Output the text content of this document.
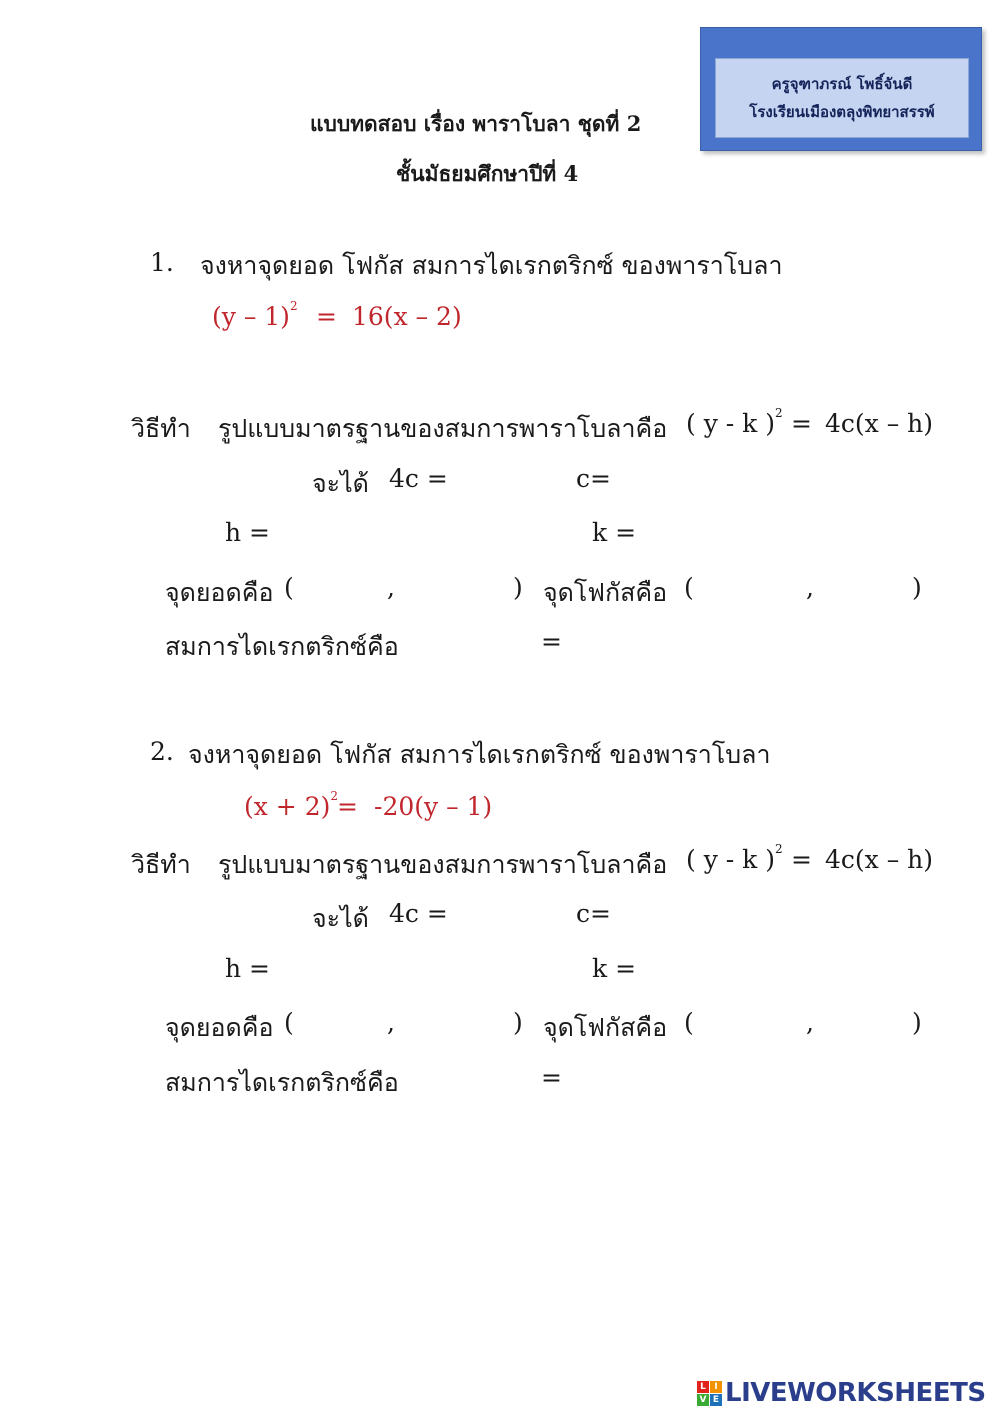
ครูจุฑาภรณ์ โพธิ์จันดี
โรงเรียนเมืองตลุงพิทยาสรรพ์
แบบทดสอบ เรื่อง พาราโบลา ชุดที่ 2
ชั้นมัธยมศึกษาปีที่ 4
1. จงหาจุดยอด โฟกัส สมการไดเรกตริกซ์ ของพาราโบลา
(y – 1)$^2$ = 16(x – 2)
วิธีทำ รูปแบบมาตรฐานของสมการพาราโบลาคือ ( y - k )$^2$ = 4c(x – h)
จะได้ 4c =	c=
h =	k =
จุดยอดคือ (	,	) จุดโฟกัสคือ (	,	)
สมการไดเรกตริกซ์คือ	=
2. จงหาจุดยอด โฟกัส สมการไดเรกตริกซ์ ของพาราโบลา
$(x + 2)^2 = -20(y - 1)$
วิธีทำ รูปแบบมาตรฐานของสมการพาราโบลาคือ ( y - k )$^2$ = 4c(x – h)
จะได้ 4c =	c=
h =	k =
จุดยอดคือ (	,	) จุดโฟกัสคือ (	,	)
สมการไดเรกตริกซ์คือ	=
L I
V E LIVEWORKSHEETS
